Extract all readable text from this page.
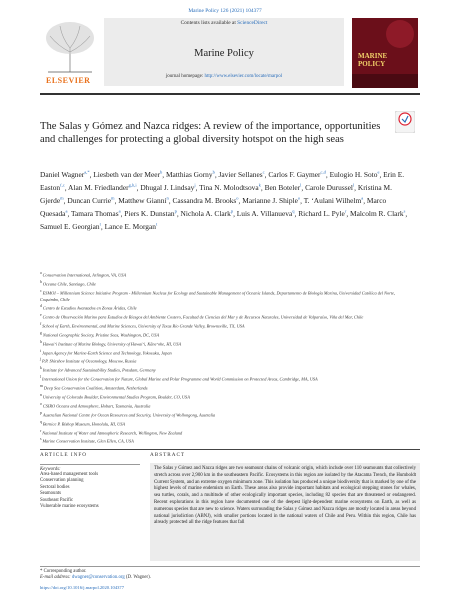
Marine Policy 126 (2021) 104377
ELSEVIER
Contents lists available at ScienceDirect
Marine Policy
journal homepage: http://www.elsevier.com/locate/marpol
MARINE
POLICY
The Salas y Gómez and Nazca ridges: A review of the importance, opportunities and challenges for protecting a global diversity hotspot on the high seas
Daniel Wagner$^{a,*}$, Liesbeth van der Meer$^b$, Matthias Gorny$^b$, Javier Sellanes$^c$, Carlos F. Gaymer$^{c,d}$, Eulogio H. Soto$^e$, Erin E. Easton$^{f,c}$, Alan M. Friedlander$^{g,h,i}$, Dhugal J. Lindsay$^j$, Tina N. Molodtsova$^k$, Ben Boteler$^l$, Carole Durussel$^l$, Kristina M. Gjerde$^m$, Duncan Currie$^m$, Matthew Gianni$^n$, Cassandra M. Brooks$^o$, Marianne J. Shiple$^o$, T. ‘Aulani Wilhelm$^a$, Marco Quesada$^a$, Tamara Thomas$^a$, Piers K. Dunstan$^p$, Nichola A. Clark$^p$, Luis A. Villanueva$^q$, Richard L. Pyle$^r$, Malcolm R. Clark$^s$, Samuel E. Georgian$^t$, Lance E. Morgan$^t$
a Conservation International, Arlington, VA, USA
b Oceana Chile, Santiago, Chile
c ESMOI – Millennium Science Initiative Program - Millennium Nucleus for Ecology and Sustainable Management of Oceanic Islands, Departamento de Biología Marina, Universidad Católica del Norte, Coquimbo, Chile
d Centro de Estudios Avanzados en Zonas Áridas, Chile
e Centro de Observación Marino para Estudios de Riesgos del Ambiente Costero, Facultad de Ciencias del Mar y de Recursos Naturales, Universidad de Valparaíso, Viña del Mar, Chile
f School of Earth, Environmental, and Marine Sciences, University of Texas Rio Grande Valley, Brownsville, TX, USA
g National Geographic Society, Pristine Seas, Washington, DC, USA
h Hawaiʻi Institute of Marine Biology, University of Hawaiʻi, Kāneʻohe, HI, USA
i Japan Agency for Marine-Earth Science and Technology, Yokosuka, Japan
j P.P. Shirshov Institute of Oceanology, Moscow, Russia
k Institute for Advanced Sustainability Studies, Potsdam, Germany
l International Union for the Conservation for Nature, Global Marine and Polar Programme and World Commission on Protected Areas, Cambridge, MA, USA
m Deep Sea Conservation Coalition, Amsterdam, Netherlands
n University of Colorado Boulder, Environmental Studies Program, Boulder, CO, USA
o CSIRO Oceans and Atmosphere, Hobart, Tasmania, Australia
p Australian National Centre for Ocean Resources and Security, University of Wollongong, Australia
q Bernice P. Bishop Museum, Honolulu, HI, USA
r National Institute of Water and Atmospheric Research, Wellington, New Zealand
s Marine Conservation Institute, Glen Ellen, CA, USA
ARTICLE INFO	ABSTRACT
Keywords:
Area-based management tools
Conservation planning
Sectoral bodies
Seamounts
Southeast Pacific
Vulnerable marine ecosystems
The Salas y Gómez and Nazca ridges are two seamount chains of volcanic origin, which include over 110 seamounts that collectively stretch across over 2,900 km in the southeastern Pacific. Ecosystems in this region are isolated by the Atacama Trench, the Humboldt Current System, and an extreme oxygen minimum zone. This isolation has produced a unique biodiversity that is marked by one of the highest levels of marine endemism on Earth. These areas also provide important habitats and ecological stepping stones for whales, sea turtles, corals, and a multitude of other ecologically important species, including 82 species that are threatened or endangered. Recent explorations in this region have documented one of the deepest light-dependent marine ecosystems on Earth, as well as numerous species that are new to science. Waters surrounding the Salas y Gómez and Nazca ridges are mostly located in areas beyond national jurisdiction (ABNJ), with smaller portions located in the national waters of Chile and Peru. Within this region, Chile has already protected all the ridge features that fall
* Corresponding author.
E-mail address: dwagner@conservation.org (D. Wagner).
https://doi.org/10.1016/j.marpol.2020.104377
